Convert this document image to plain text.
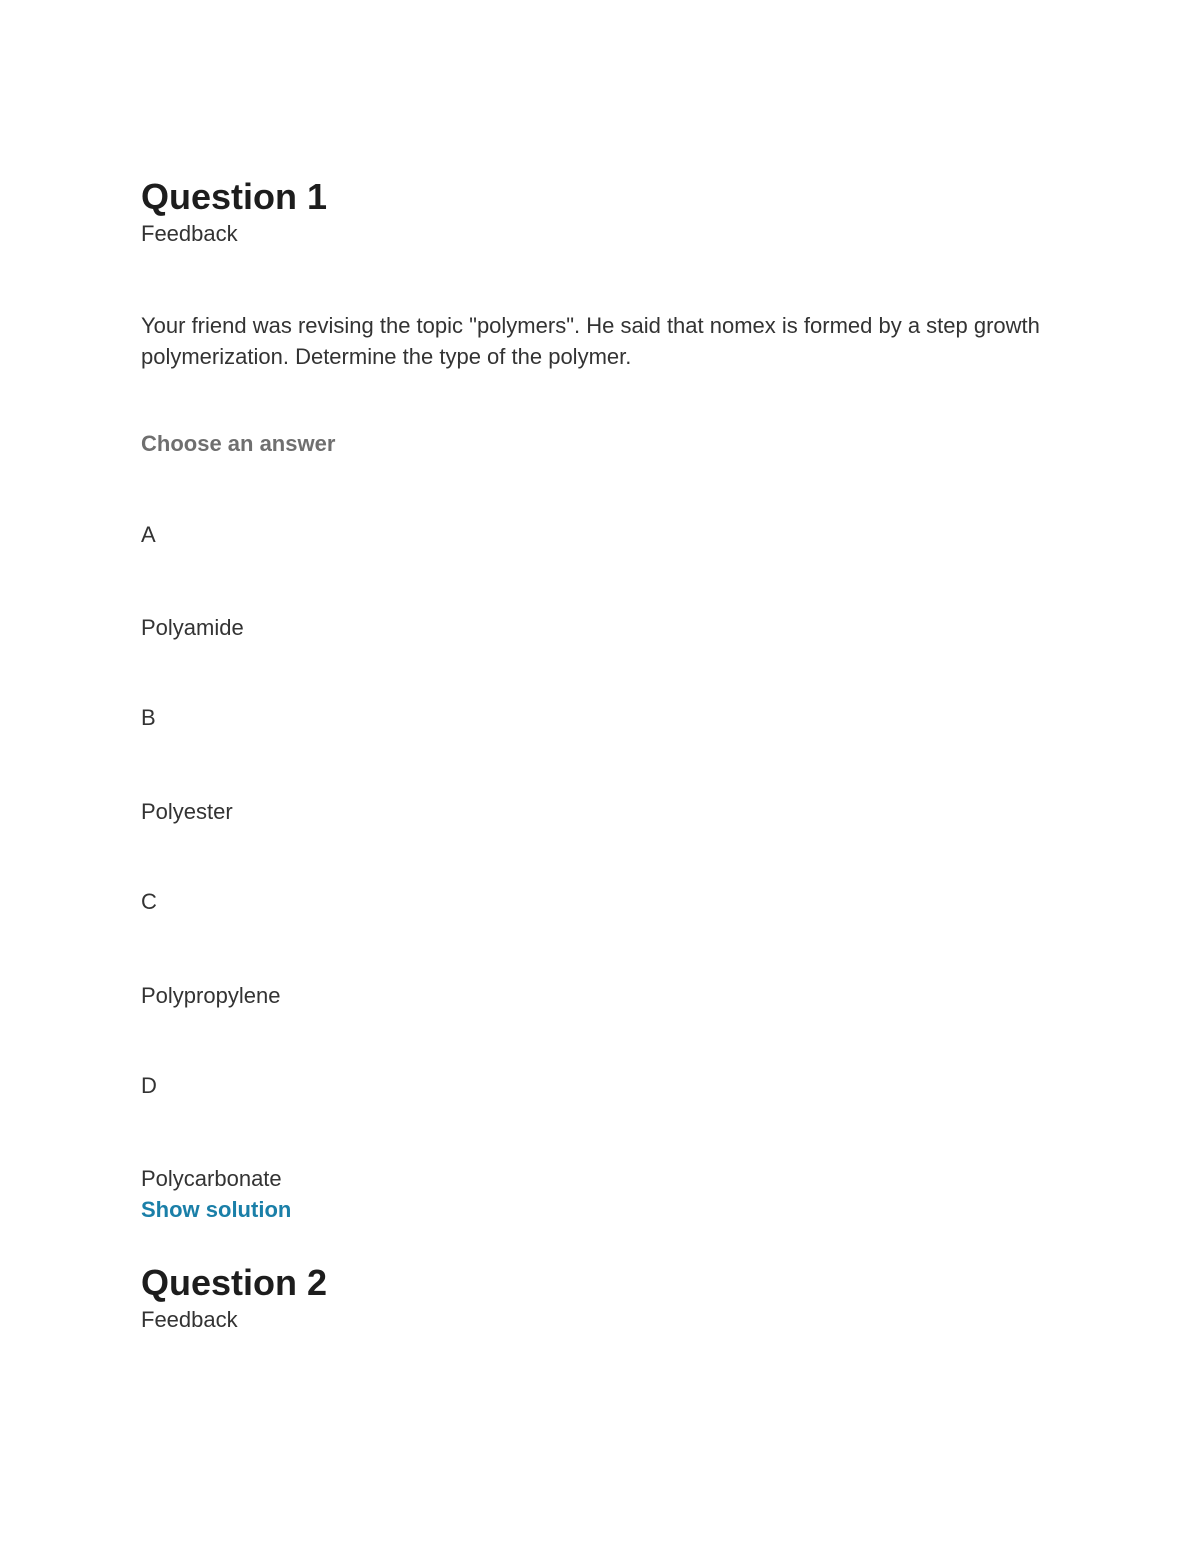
Question 1
Feedback

Your friend was revising the topic "polymers". He said that nomex is formed by a step growth polymerization. Determine the type of the polymer.

Choose an answer
A
Polyamide
B
Polyester
C
Polypropylene
D
Polycarbonate
Show solution
Question 2
Feedback
